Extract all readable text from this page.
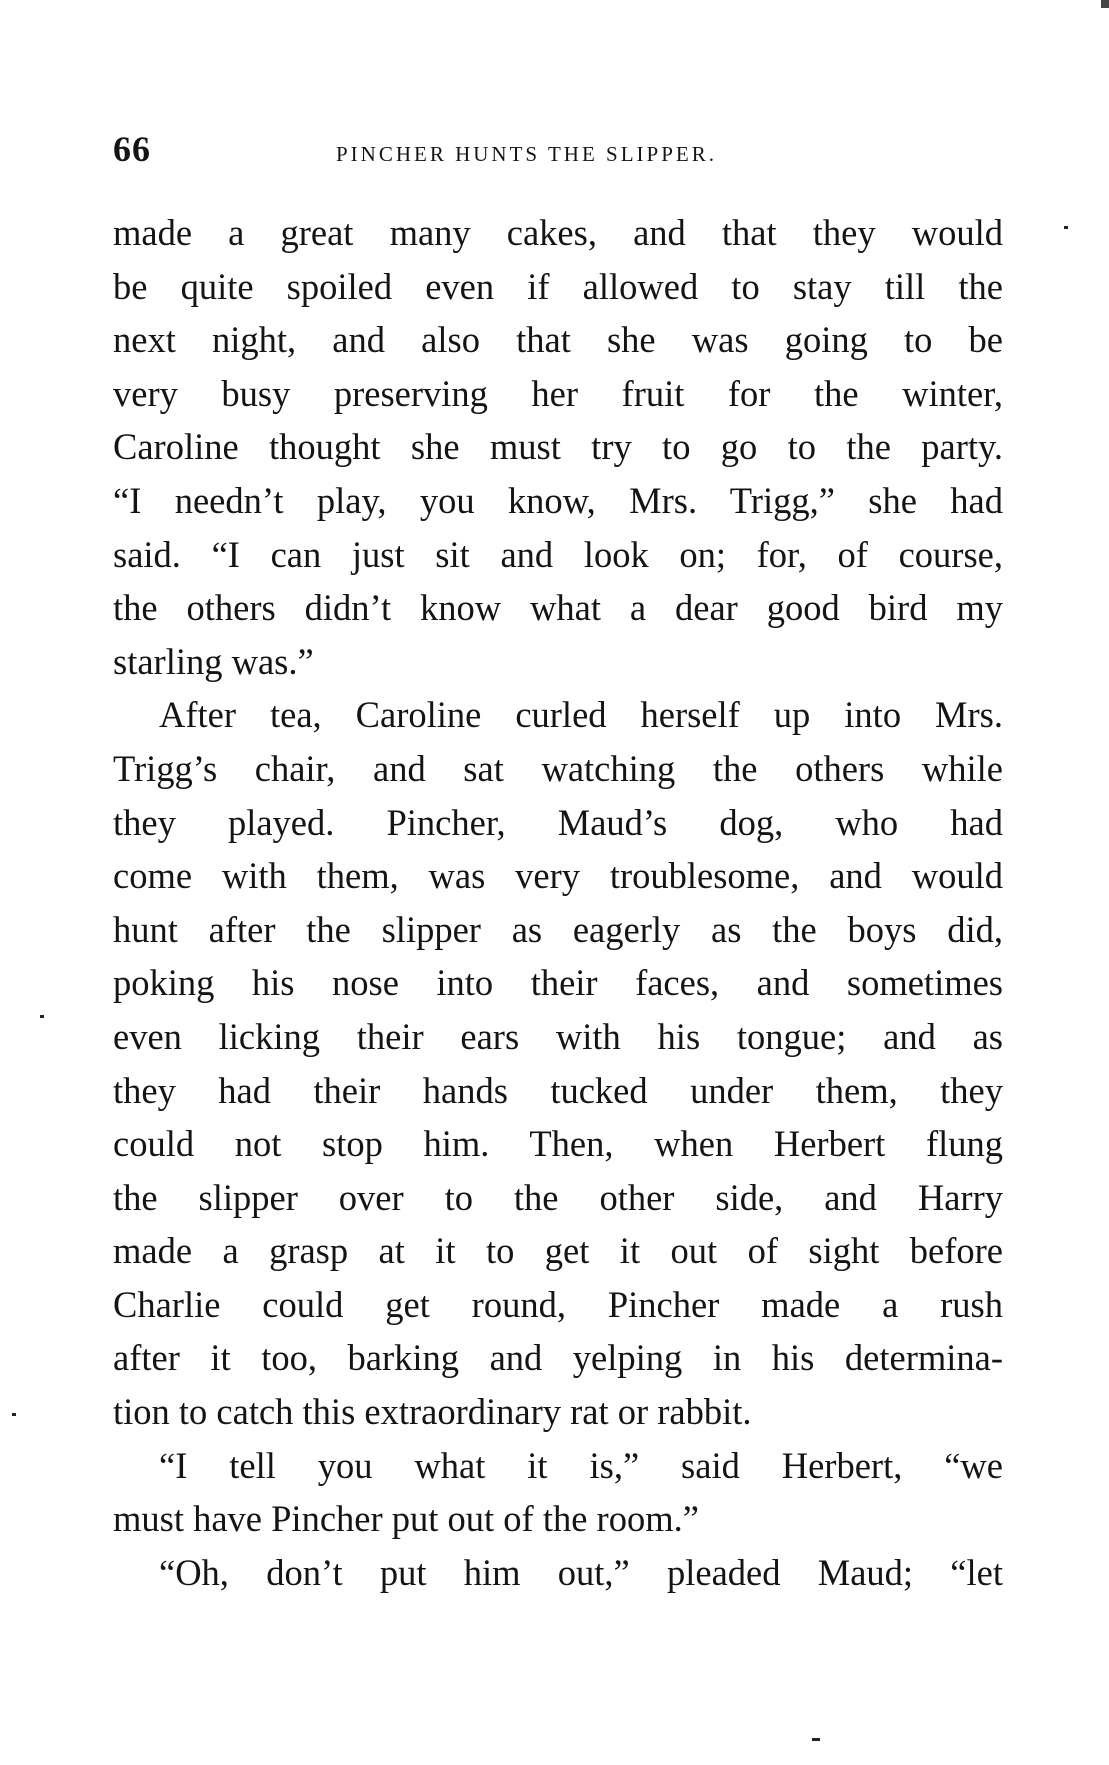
66	PINCHER HUNTS THE SLIPPER.
made a great many cakes, and that they would
be quite spoiled even if allowed to stay till the
next night, and also that she was going to be
very busy preserving her fruit for the winter,
Caroline thought she must try to go to the party.
“I needn’t play, you know, Mrs. Trigg,” she had
said. “I can just sit and look on; for, of course,
the others didn’t know what a dear good bird my
starling was.”
After tea, Caroline curled herself up into Mrs.
Trigg’s chair, and sat watching the others while
they played. Pincher, Maud’s dog, who had
come with them, was very troublesome, and would
hunt after the slipper as eagerly as the boys did,
poking his nose into their faces, and sometimes
even licking their ears with his tongue; and as
they had their hands tucked under them, they
could not stop him. Then, when Herbert flung
the slipper over to the other side, and Harry
made a grasp at it to get it out of sight before
Charlie could get round, Pincher made a rush
after it too, barking and yelping in his determina-
tion to catch this extraordinary rat or rabbit.
“I tell you what it is,” said Herbert, “we
must have Pincher put out of the room.”
“Oh, don’t put him out,” pleaded Maud; “let
